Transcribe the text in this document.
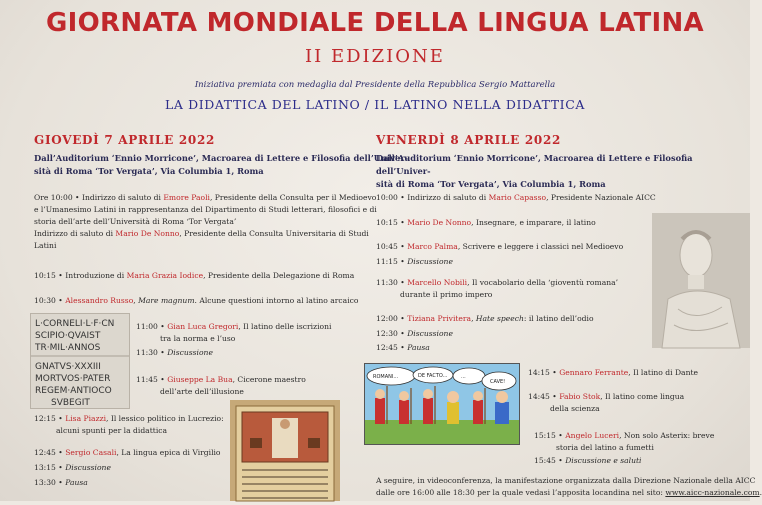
GIORNATA MONDIALE DELLA LINGUA LATINA
II EDIZIONE
Iniziativa premiata con medaglia dal Presidente della Repubblica Sergio Mattarella
LA DIDATTICA DEL LATINO / IL LATINO NELLA DIDATTICA
GIOVEDÌ 7 APRILE 2022
Dall’Auditorium ‘Ennio Morricone’, Macroarea di Lettere e Filosofia dell’Univer-
sità di Roma ‘Tor Vergata’, Via Columbia 1, Roma
Ore 10:00 • Indirizzo di saluto di Emore Paoli, Presidente della Consulta per il Medioevo
e l’Umanesimo Latini in rappresentanza del Dipartimento di Studi letterari, filosofici e di
storia dell’arte dell’Università di Roma ‘Tor Vergata’
Indirizzo di saluto di Mario De Nonno, Presidente della Consulta Universitaria di Studi
Latini
10:15 • Introduzione di Maria Grazia Iodice, Presidente della Delegazione di Roma
10:30 • Alessandro Russo, Mare magnum. Alcune questioni intorno al latino arcaico
L·CORNELI·L·F·CN
SCIPIO·QVAIST
TR·MIL·ANNOS
GNATVS·XXXIII
MORTVOS·PATER
REGEM·ANTIOCO
SVBEGIT
11:00 • Gian Luca Gregori, Il latino delle iscrizioni
tra la norma e l’uso
11:30 • Discussione
11:45 • Giuseppe La Bua, Cicerone maestro
dell’arte dell’illusione
12:15 • Lisa Piazzi, Il lessico politico in Lucrezio:
alcuni spunti per la didattica
12:45 • Sergio Casali, La lingua epica di Virgilio
13:15 • Discussione
13:30 • Pausa
VENERDÌ 8 APRILE 2022
Dall’Auditorium ‘Ennio Morricone’, Macroarea di Lettere e Filosofia dell’Univer-
sità di Roma ‘Tor Vergata’, Via Columbia 1, Roma
10:00 • Indirizzo di saluto di Mario Capasso, Presidente Nazionale AICC
10:15 • Mario De Nonno, Insegnare, e imparare, il latino
10:45 • Marco Palma, Scrivere e leggere i classici nel Medioevo
11:15 • Discussione
11:30 • Marcello Nobili, Il vocabolario della ‘gioventù romana’
durante il primo impero
12:00 • Tiziana Privitera, Hate speech: il latino dell’odio
12:30 • Discussione
12:45 • Pausa
ROMANI...	DE FACTO...	...
CAVE!
14:15 • Gennaro Ferrante, Il latino di Dante
14:45 • Fabio Stok, Il latino come lingua
della scienza
15:15 • Angelo Luceri, Non solo Asterix: breve
storia del latino a fumetti
15:45 • Discussione e saluti
A seguire, in videoconferenza, la manifestazione organizzata dalla Direzione Nazionale della AICC
dalle ore 16:00 alle 18:30 per la quale vedasi l’apposita locandina nel sito: www.aicc-nazionale.com.
